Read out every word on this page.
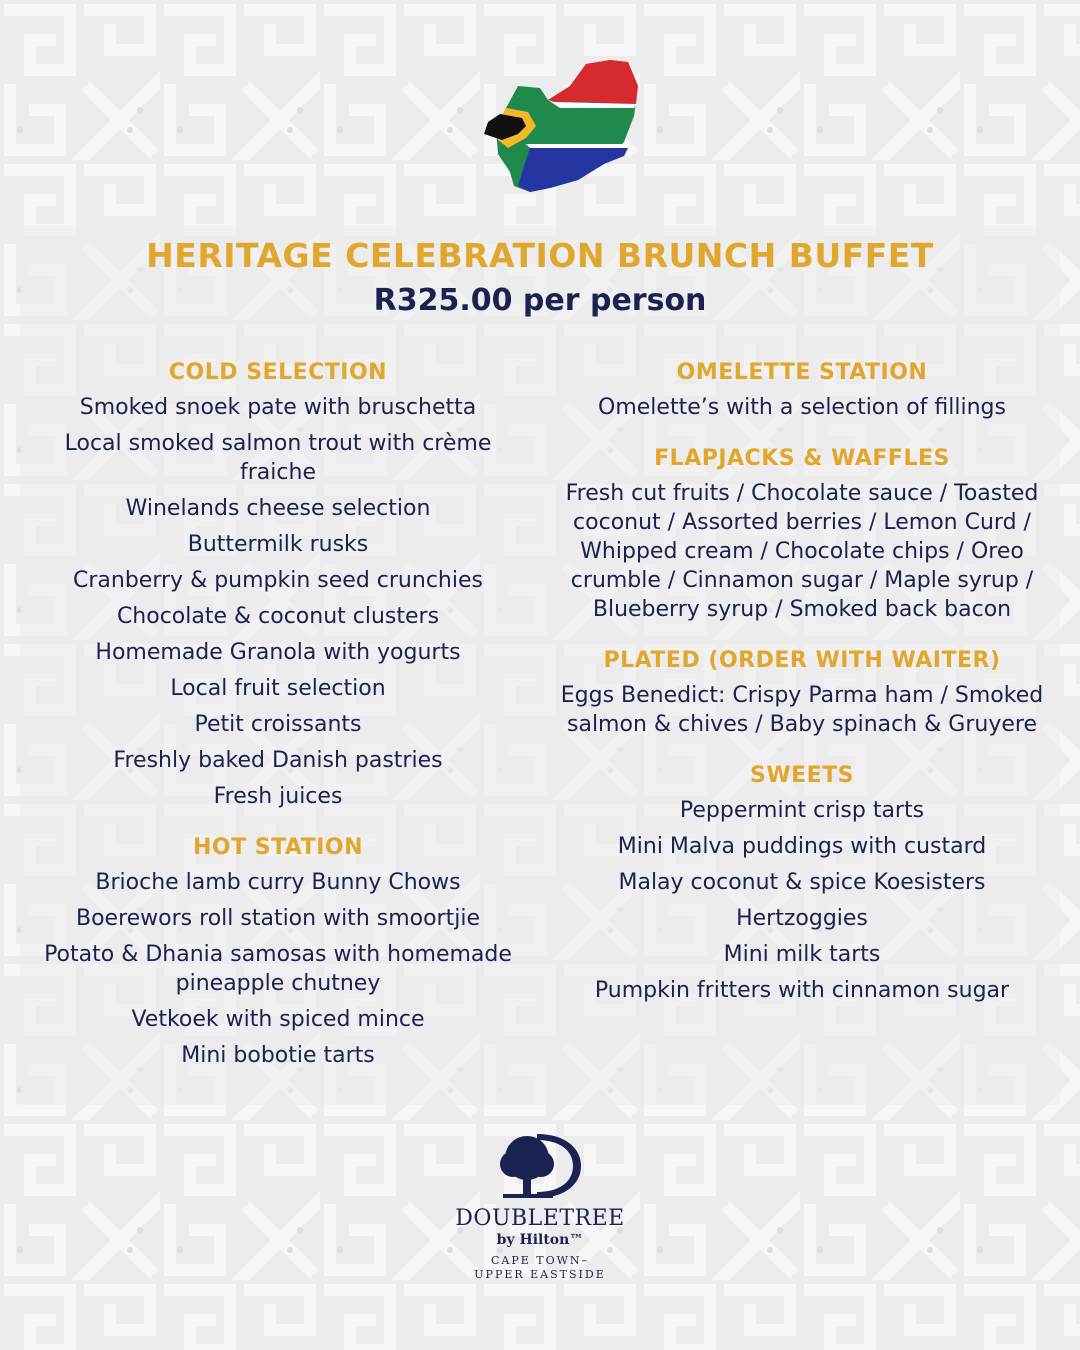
HERITAGE CELEBRATION BRUNCH BUFFET
R325.00 per person
COLD SELECTION
Smoked snoek pate with bruschetta
Local smoked salmon trout with crème fraiche
Winelands cheese selection
Buttermilk rusks
Cranberry & pumpkin seed crunchies
Chocolate & coconut clusters
Homemade Granola with yogurts
Local fruit selection
Petit croissants
Freshly baked Danish pastries
Fresh juices
HOT STATION
Brioche lamb curry Bunny Chows
Boerewors roll station with smoortjie
Potato & Dhania samosas with homemade pineapple chutney
Vetkoek with spiced mince
Mini bobotie tarts
OMELETTE STATION
Omelette’s with a selection of fillings
FLAPJACKS & WAFFLES
Fresh cut fruits / Chocolate sauce / Toasted coconut / Assorted berries / Lemon Curd / Whipped cream / Chocolate chips / Oreo crumble / Cinnamon sugar / Maple syrup / Blueberry syrup / Smoked back bacon
PLATED (ORDER WITH WAITER)
Eggs Benedict: Crispy Parma ham / Smoked salmon & chives / Baby spinach & Gruyere
SWEETS
Peppermint crisp tarts
Mini Malva puddings with custard
Malay coconut & spice Koesisters
Hertzoggies
Mini milk tarts
Pumpkin fritters with cinnamon sugar
DOUBLETREE
by Hilton™
CAPE TOWN–
UPPER EASTSIDE
